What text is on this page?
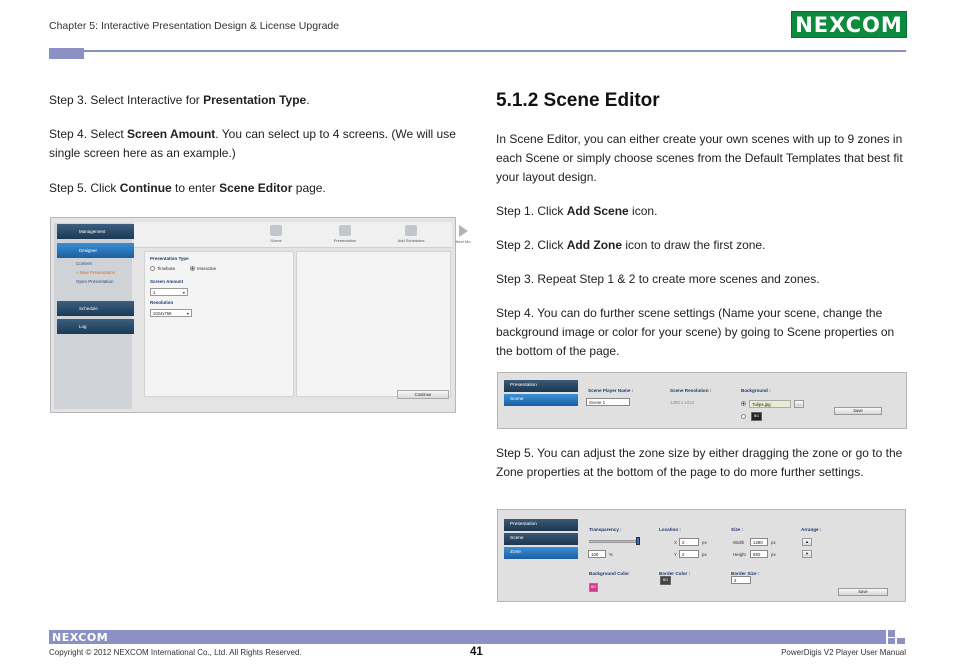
Chapter 5: Interactive Presentation Design & License Upgrade	NEXCOM

Step 3. Select Interactive for Presentation Type.

Step 4. Select Screen Amount. You can select up to 4 screens. (We will use single screen here as an example.)

Step 5. Click Continue to enter Scene Editor page.

Management
Designer
Content
» New Presentation
Open Presentation
Schedule
Log
Scene	Presentation	Add Schedules	Next Mo
Presentation Type
Timebase	Interactive
Screen Amount
1	▾
Resolution
1024x768	▾
Continue
5.1.2 Scene Editor

In Scene Editor, you can either create your own scenes with up to 9 zones in each Scene or simply choose scenes from the Default Templates that best fit your layout design.

Step 1. Click Add Scene icon.

Step 2. Click Add Zone icon to draw the first zone.

Step 3. Repeat Step 1 & 2 to create more scenes and zones.

Step 4. You can do further scene settings (Name your scene, change the background image or color for your scene) by going to Scene properties on the bottom of the page.

Presentation
Scene
Scene Player Name :
Scene 1
Scene Resolution :
1280 x 1024
Background :
Tulips.jpg	...
BG
Save

Step 5. You can adjust the zone size by either dragging the zone or go to the Zone properties at the bottom of the page to do more further settings.

Presentation
Scene
Zone
Transparency :
100	%
Location :
X	2	px
Y	2	px
Size :
Width	1280	px
Height	850	px
Arrange :
▲
▼
Background Color
BG
Border Color :
BG
Border Size :
2
Save
NEXCOM
Copyright © 2012 NEXCOM International Co., Ltd. All Rights Reserved.	41	PowerDigis V2 Player User Manual
